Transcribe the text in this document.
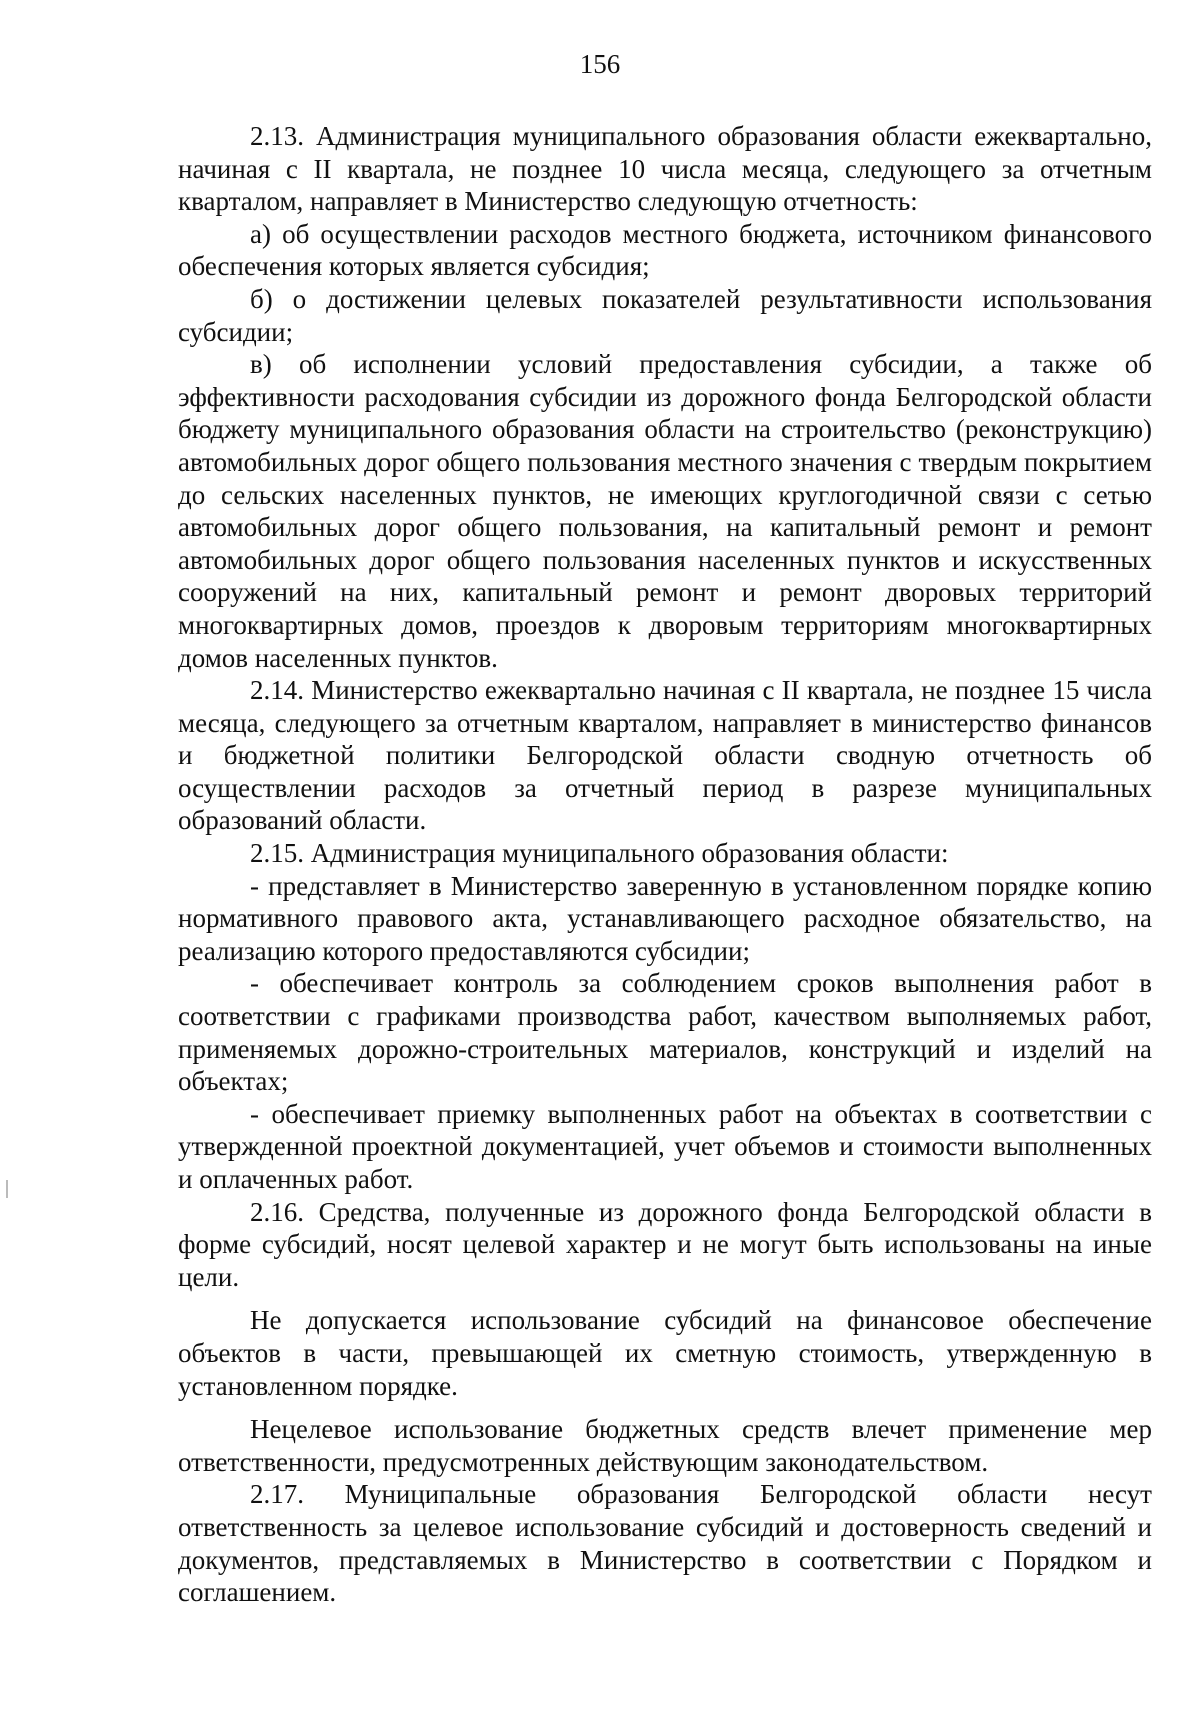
156

2.13. Администрация муниципального образования области ежеквартально, начиная с II квартала, не позднее 10 числа месяца, следующего за отчетным кварталом, направляет в Министерство следующую отчетность:

а) об осуществлении расходов местного бюджета, источником финансового обеспечения которых является субсидия;

б) о достижении целевых показателей результативности использования субсидии;

в) об исполнении условий предоставления субсидии, а также об эффективности расходования субсидии из дорожного фонда Белгородской области бюджету муниципального образования области на строительство (реконструкцию) автомобильных дорог общего пользования местного значения с твердым покрытием до сельских населенных пунктов, не имеющих круглогодичной связи с сетью автомобильных дорог общего пользования, на капитальный ремонт и ремонт автомобильных дорог общего пользования населенных пунктов и искусственных сооружений на них, капитальный ремонт и ремонт дворовых территорий многоквартирных домов, проездов к дворовым территориям многоквартирных домов населенных пунктов.

2.14. Министерство ежеквартально начиная с II квартала, не позднее 15 числа месяца, следующего за отчетным кварталом, направляет в министерство финансов и бюджетной политики Белгородской области сводную отчетность об осуществлении расходов за отчетный период в разрезе муниципальных образований области.

2.15. Администрация муниципального образования области:

- представляет в Министерство заверенную в установленном порядке копию нормативного правового акта, устанавливающего расходное обязательство, на реализацию которого предоставляются субсидии;

- обеспечивает контроль за соблюдением сроков выполнения работ в соответствии с графиками производства работ, качеством выполняемых работ, применяемых дорожно-строительных материалов, конструкций и изделий на объектах;

- обеспечивает приемку выполненных работ на объектах в соответствии с утвержденной проектной документацией, учет объемов и стоимости выполненных и оплаченных работ.

2.16. Средства, полученные из дорожного фонда Белгородской области в форме субсидий, носят целевой характер и не могут быть использованы на иные цели.

Не допускается использование субсидий на финансовое обеспечение объектов в части, превышающей их сметную стоимость, утвержденную в установленном порядке.

Нецелевое использование бюджетных средств влечет применение мер ответственности, предусмотренных действующим законодательством.

2.17. Муниципальные образования Белгородской области несут ответственность за целевое использование субсидий и достоверность сведений и документов, представляемых в Министерство в соответствии с Порядком и соглашением.
